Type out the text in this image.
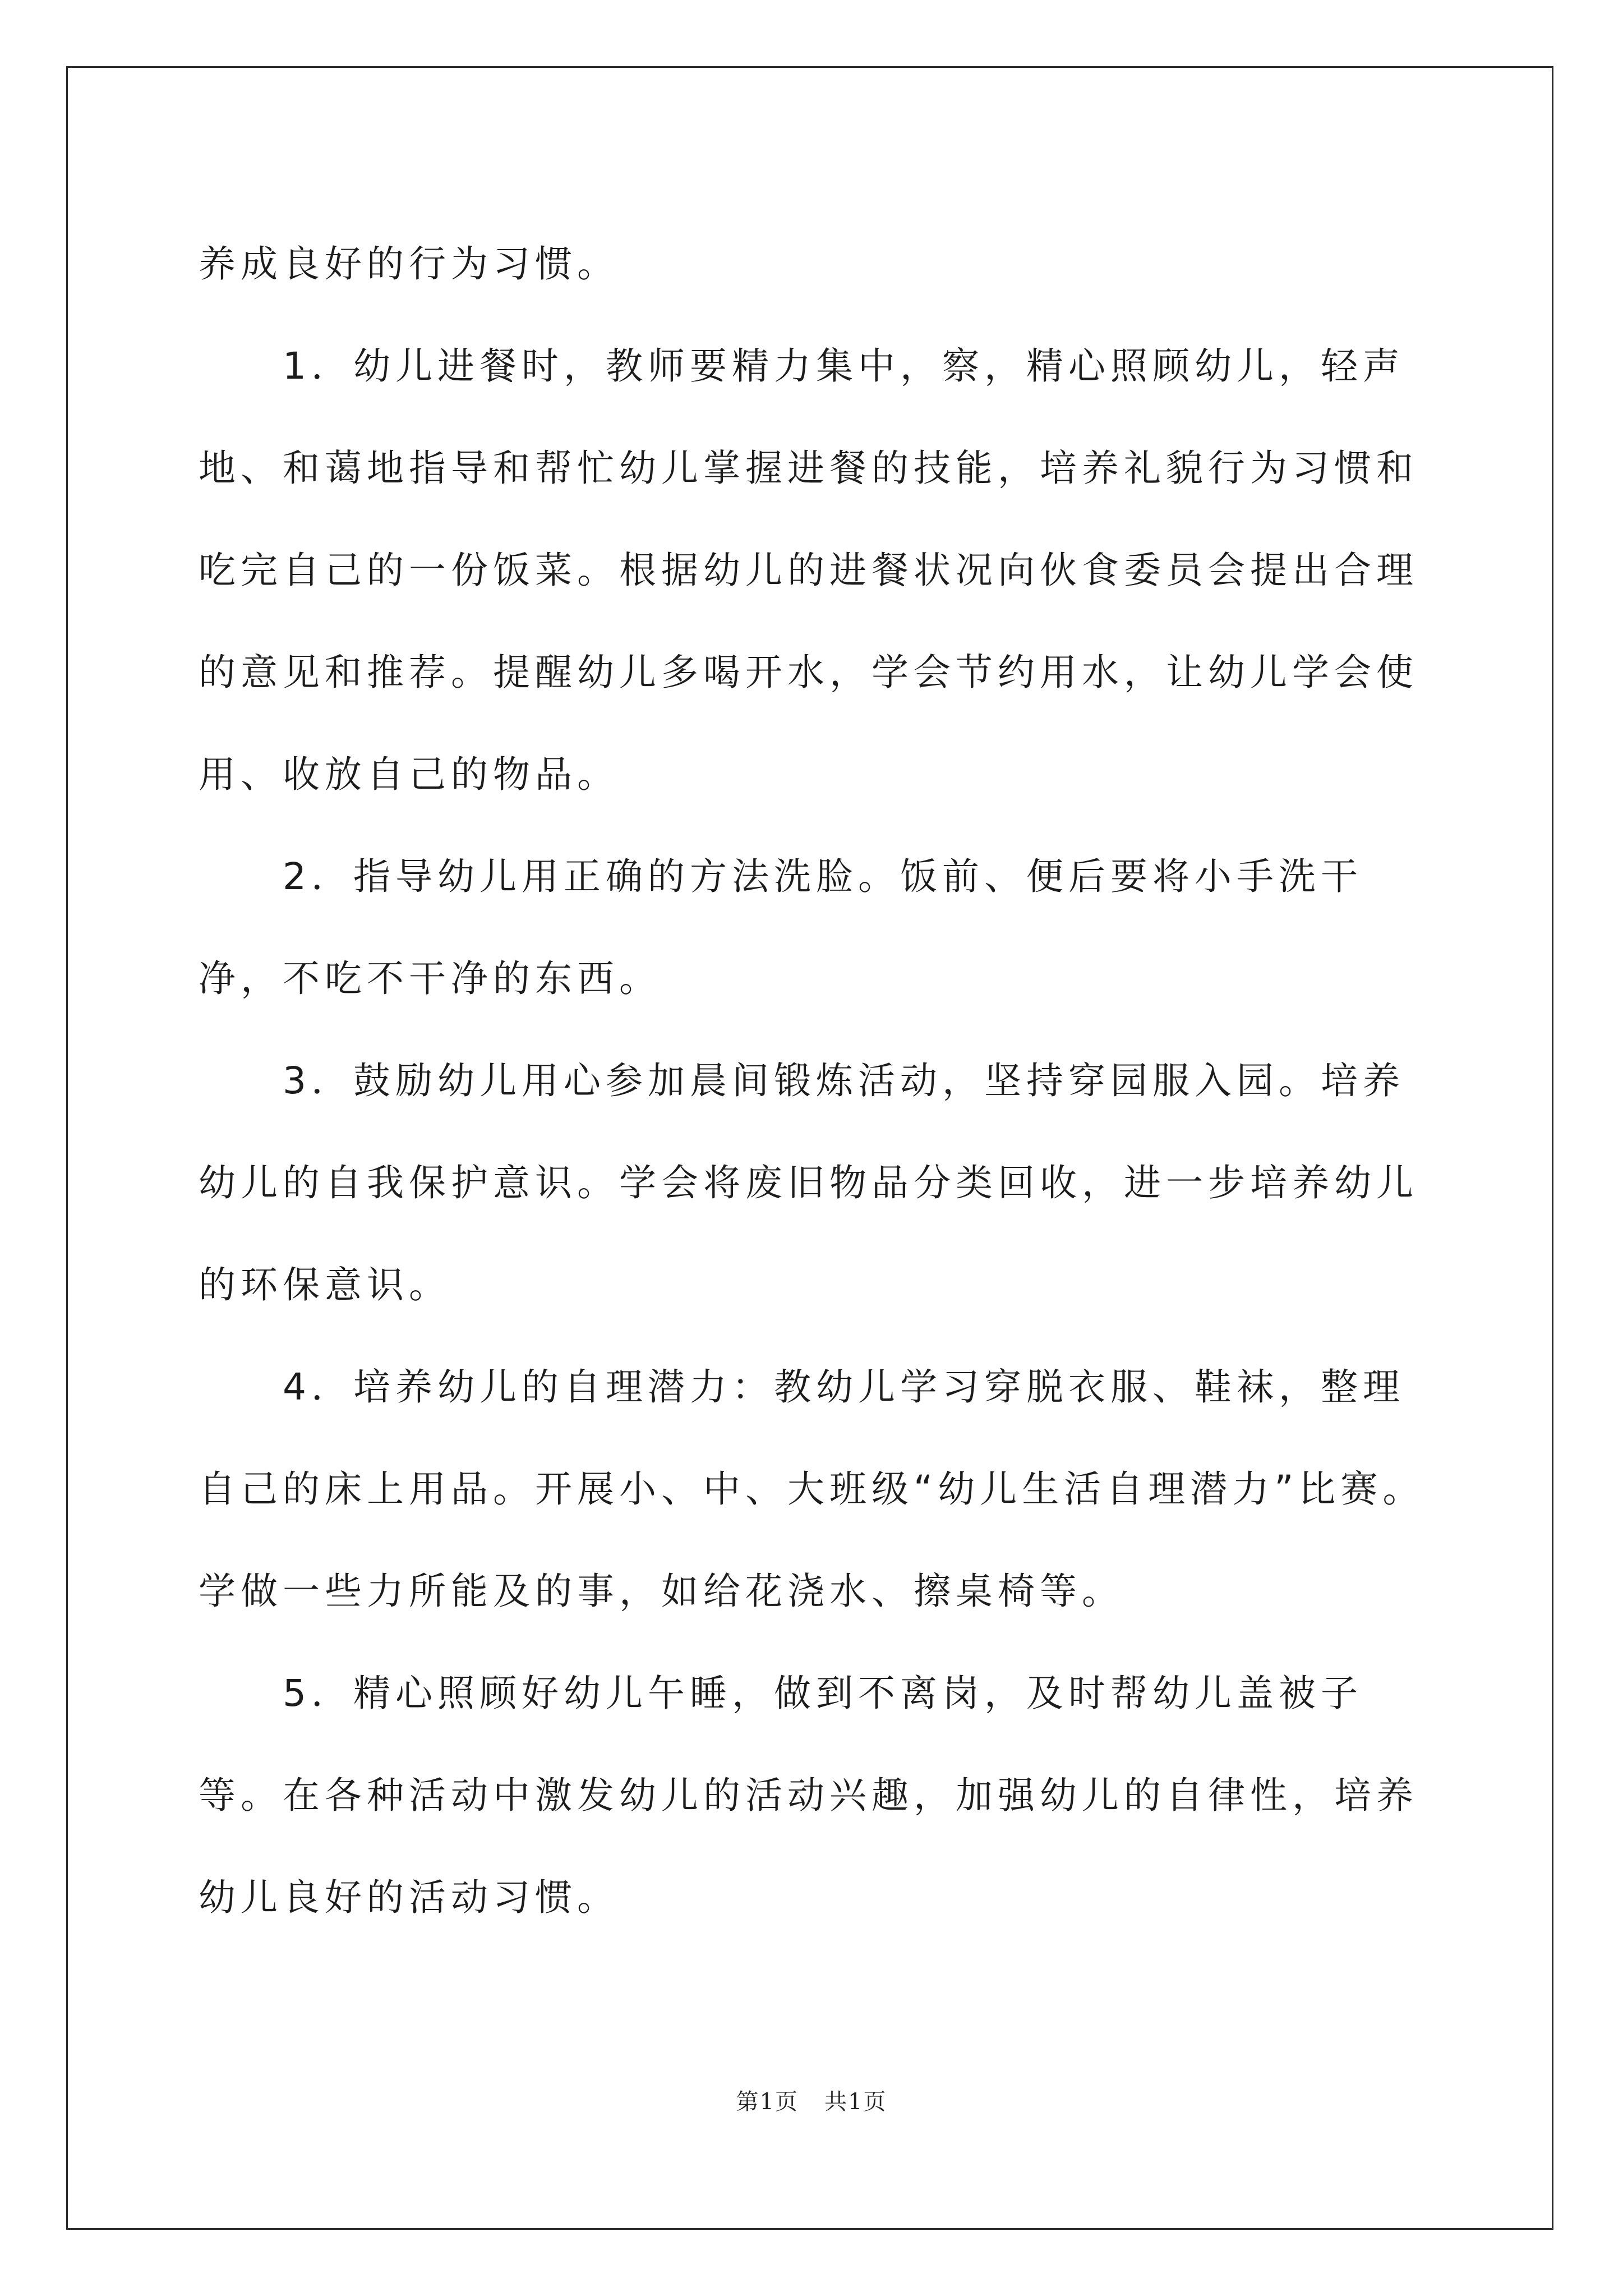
养成良好的行为习惯。

1．幼儿进餐时，教师要精力集中，察，精心照顾幼儿，轻声地、和蔼地指导和帮忙幼儿掌握进餐的技能，培养礼貌行为习惯和吃完自己的一份饭菜。根据幼儿的进餐状况向伙食委员会提出合理的意见和推荐。提醒幼儿多喝开水，学会节约用水，让幼儿学会使用、收放自己的物品。

2．指导幼儿用正确的方法洗脸。饭前、便后要将小手洗干净，不吃不干净的东西。

3．鼓励幼儿用心参加晨间锻炼活动，坚持穿园服入园。培养幼儿的自我保护意识。学会将废旧物品分类回收，进一步培养幼儿的环保意识。

4．培养幼儿的自理潜力：教幼儿学习穿脱衣服、鞋袜，整理自己的床上用品。开展小、中、大班级“幼儿生活自理潜力”比赛。学做一些力所能及的事，如给花浇水、擦桌椅等。

5．精心照顾好幼儿午睡，做到不离岗，及时帮幼儿盖被子等。在各种活动中激发幼儿的活动兴趣，加强幼儿的自律性，培养幼儿良好的活动习惯。

第1页 共1页
